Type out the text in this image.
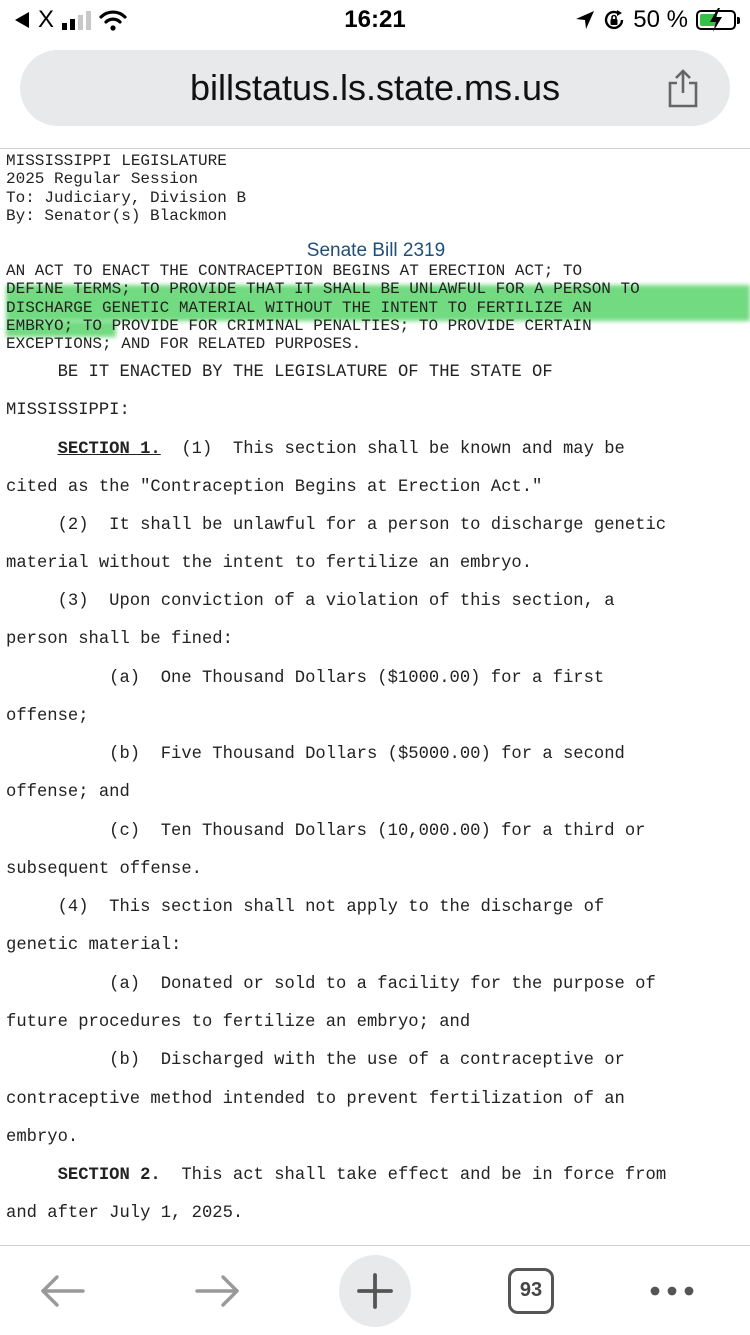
X	16:21	50 %
billstatus.ls.state.ms.us
MISSISSIPPI LEGISLATURE
2025 Regular Session
To: Judiciary, Division B
By: Senator(s) Blackmon
Senate Bill 2319
AN ACT TO ENACT THE CONTRACEPTION BEGINS AT ERECTION ACT; TO
DEFINE TERMS; TO PROVIDE THAT IT SHALL BE UNLAWFUL FOR A PERSON TO
DISCHARGE GENETIC MATERIAL WITHOUT THE INTENT TO FERTILIZE AN
EMBRYO; TO PROVIDE FOR CRIMINAL PENALTIES; TO PROVIDE CERTAIN
EXCEPTIONS; AND FOR RELATED PURPOSES.
BE IT ENACTED BY THE LEGISLATURE OF THE STATE OF
MISSISSIPPI:
SECTION 1.  (1)  This section shall be known and may be
cited as the "Contraception Begins at Erection Act."
(2)  It shall be unlawful for a person to discharge genetic
material without the intent to fertilize an embryo.
(3)  Upon conviction of a violation of this section, a
person shall be fined:
(a)  One Thousand Dollars ($1000.00) for a first
offense;
(b)  Five Thousand Dollars ($5000.00) for a second
offense; and
(c)  Ten Thousand Dollars (10,000.00) for a third or
subsequent offense.
(4)  This section shall not apply to the discharge of
genetic material:
(a)  Donated or sold to a facility for the purpose of
future procedures to fertilize an embryo; and
(b)  Discharged with the use of a contraceptive or
contraceptive method intended to prevent fertilization of an
embryo.
SECTION 2.  This act shall take effect and be in force from
and after July 1, 2025.
93
